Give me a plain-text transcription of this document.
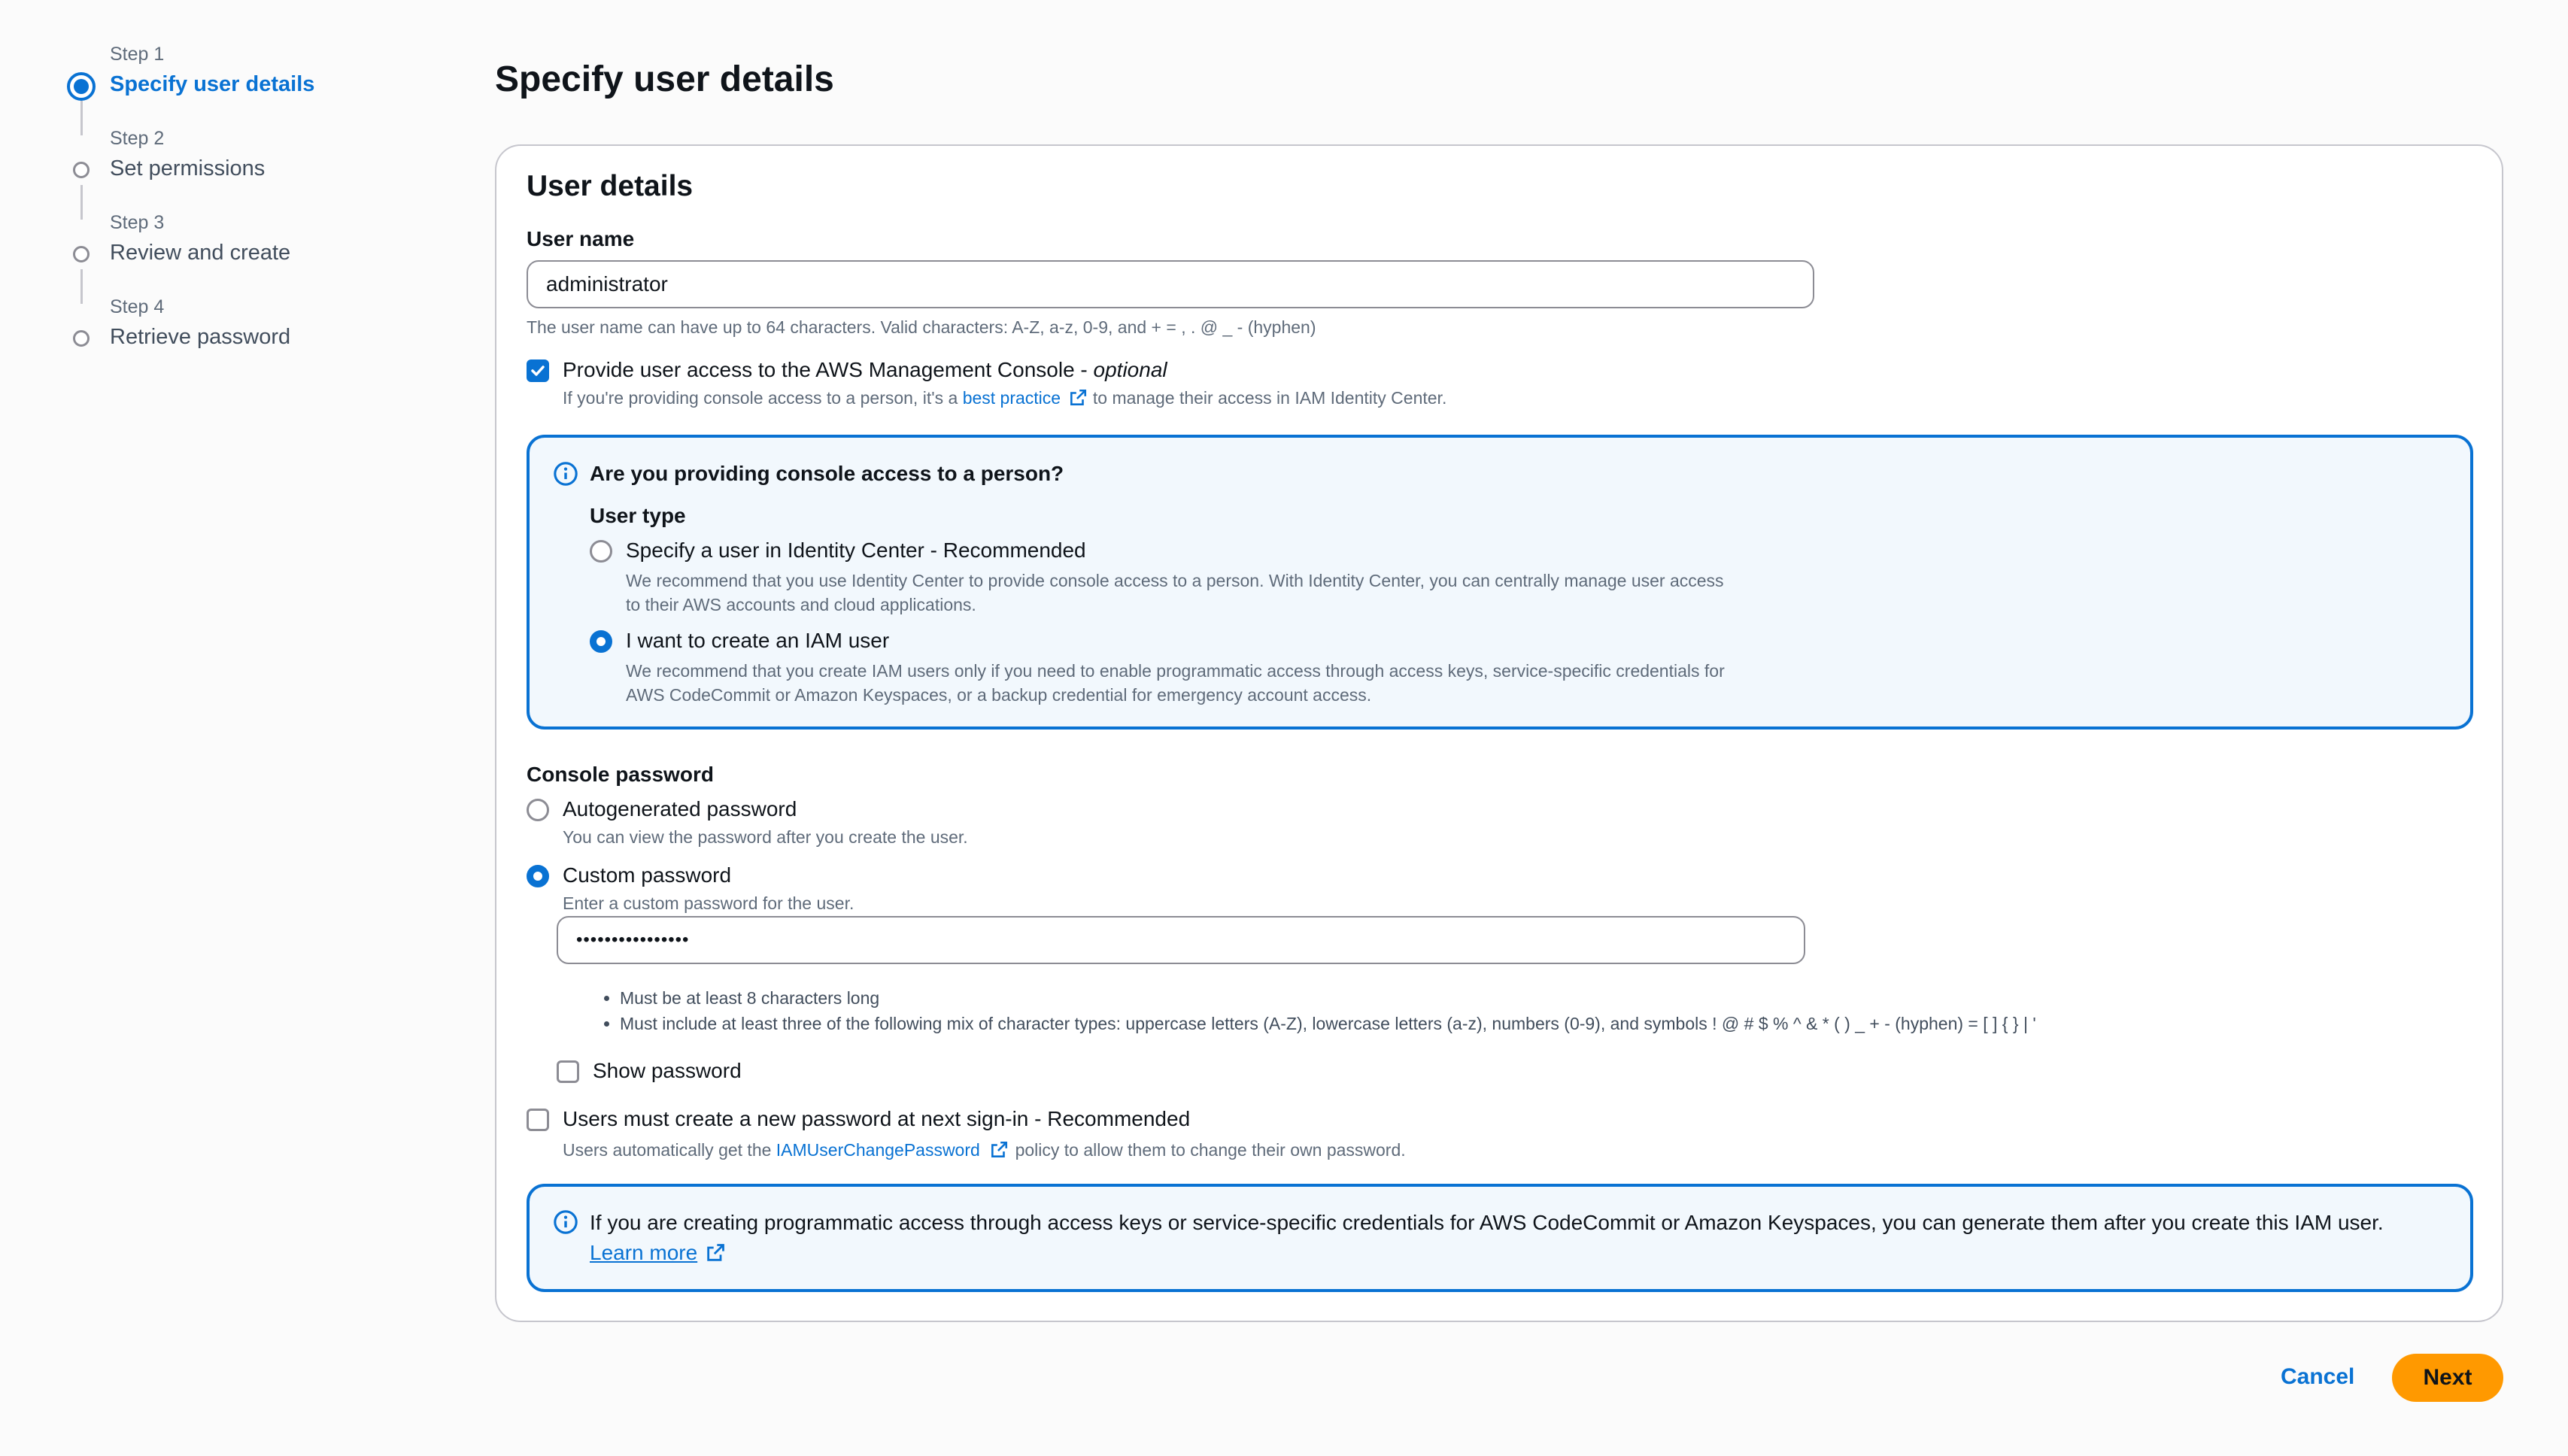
Step 1
Specify user details
Step 2
Set permissions
Step 3
Review and create
Step 4
Retrieve password
Specify user details
User details
User name
administrator
The user name can have up to 64 characters. Valid characters: A-Z, a-z, 0-9, and + = , . @ _ - (hyphen)
Provide user access to the AWS Management Console - optional
If you're providing console access to a person, it's a best practice  to manage their access in IAM Identity Center.
Are you providing console access to a person?
User type
Specify a user in Identity Center - Recommended
We recommend that you use Identity Center to provide console access to a person. With Identity Center, you can centrally manage user access
to their AWS accounts and cloud applications.
I want to create an IAM user
We recommend that you create IAM users only if you need to enable programmatic access through access keys, service-specific credentials for
AWS CodeCommit or Amazon Keyspaces, or a backup credential for emergency account access.
Console password
Autogenerated password
You can view the password after you create the user.
Custom password
Enter a custom password for the user.
••••••••••••••••
• Must be at least 8 characters long
• Must include at least three of the following mix of character types: uppercase letters (A-Z), lowercase letters (a-z), numbers (0-9), and symbols ! @ # $ % ^ & * ( ) _ + - (hyphen) = [ ] { } | '
Show password
Users must create a new password at next sign-in - Recommended
Users automatically get the IAMUserChangePassword  policy to allow them to change their own password.
If you are creating programmatic access through access keys or service-specific credentials for AWS CodeCommit or Amazon Keyspaces, you can generate them after you create this IAM user.
Learn more
Cancel	Next
